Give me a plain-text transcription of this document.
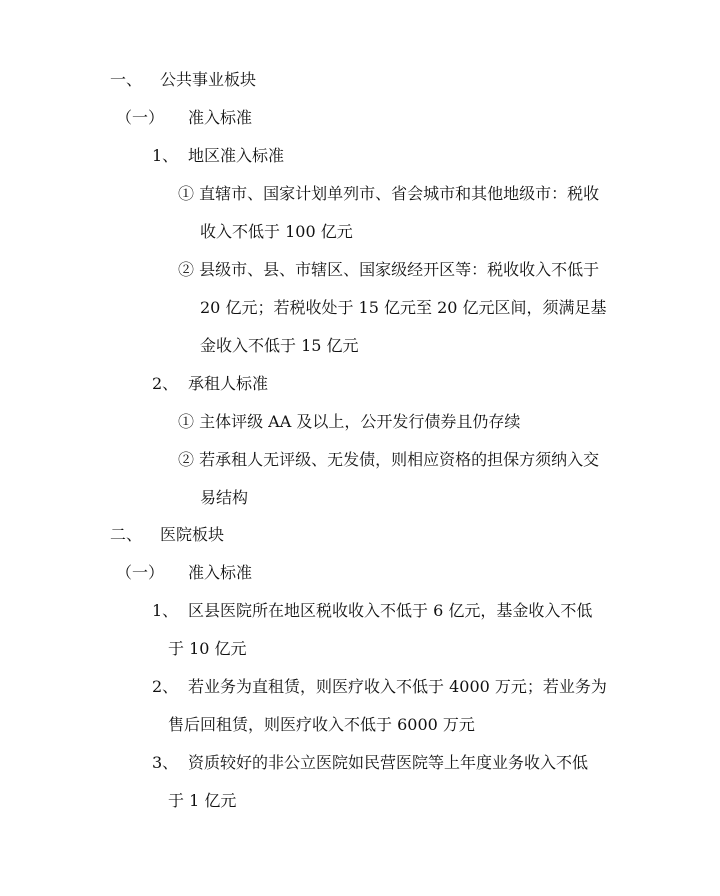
一、 公共事业板块
（一） 准入标准
1、 地区准入标准
① 直辖市、国家计划单列市、省会城市和其他地级市：税收
收入不低于 100 亿元
② 县级市、县、市辖区、国家级经开区等：税收收入不低于
20 亿元；若税收处于 15 亿元至 20 亿元区间，须满足基
金收入不低于 15 亿元
2、 承租人标准
① 主体评级 AA 及以上，公开发行债券且仍存续
② 若承租人无评级、无发债，则相应资格的担保方须纳入交
易结构
二、 医院板块
（一） 准入标准
1、 区县医院所在地区税收收入不低于 6 亿元，基金收入不低
于 10 亿元
2、 若业务为直租赁，则医疗收入不低于 4000 万元；若业务为
售后回租赁，则医疗收入不低于 6000 万元
3、 资质较好的非公立医院如民营医院等上年度业务收入不低
于 1 亿元
